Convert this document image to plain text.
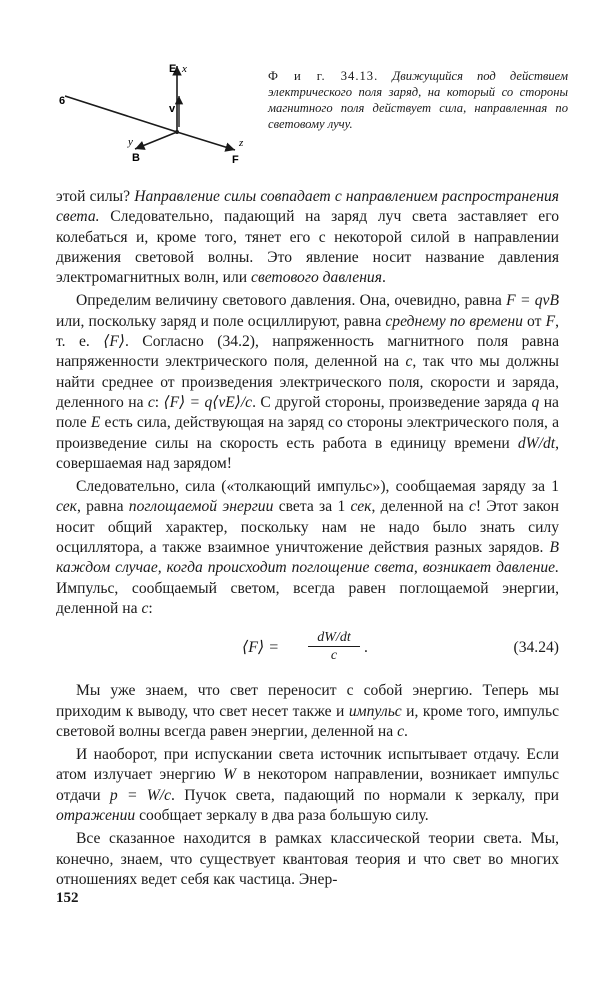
E x
v
6
y
B
z
F
Ф и г. 34.13. Движущийся под действием электрического поля заряд, на который со стороны магнитного поля действует сила, направленная по световому лучу.

этой силы? Направление силы совпадает с направлением распространения света. Следовательно, падающий на заряд луч света заставляет его колебаться и, кроме того, тянет его с некоторой силой в направлении движения световой волны. Это явление носит название давления электромагнитных волн, или светового давления.

Определим величину светового давления. Она, очевидно, равна F = qvB или, поскольку заряд и поле осциллируют, равна среднему по времени от F, т. е. ⟨F⟩. Согласно (34.2), напряженность магнитного поля равна напряженности электрического поля, деленной на c, так что мы должны найти среднее от произведения электрического поля, скорости и заряда, деленного на c: ⟨F⟩ = q⟨vE⟩/c. С другой стороны, произведение заряда q на поле E есть сила, действующая на заряд со стороны электрического поля, а произведение силы на скорость есть работа в единицу времени dW/dt, совершаемая над зарядом!

Следовательно, сила («толкающий импульс»), сообщаемая заряду за 1 сек, равна поглощаемой энергии света за 1 сек, деленной на c! Этот закон носит общий характер, поскольку нам не надо было знать силу осциллятора, а также взаимное уничтожение действия разных зарядов. В каждом случае, когда происходит поглощение света, возникает давление. Импульс, сообщаемый светом, всегда равен поглощаемой энергии, деленной на c:

⟨F⟩ = $\frac{dW/dt}{c}$ .	(34.24)

Мы уже знаем, что свет переносит с собой энергию. Теперь мы приходим к выводу, что свет несет также и импульс и, кроме того, импульс световой волны всегда равен энергии, деленной на c.

И наоборот, при испускании света источник испытывает отдачу. Если атом излучает энергию W в некотором направлении, возникает импульс отдачи p = W/c. Пучок света, падающий по нормали к зеркалу, при отражении сообщает зеркалу в два раза большую силу.

Все сказанное находится в рамках классической теории света. Мы, конечно, знаем, что существует квантовая теория и что свет во многих отношениях ведет себя как частица. Энер-

152
